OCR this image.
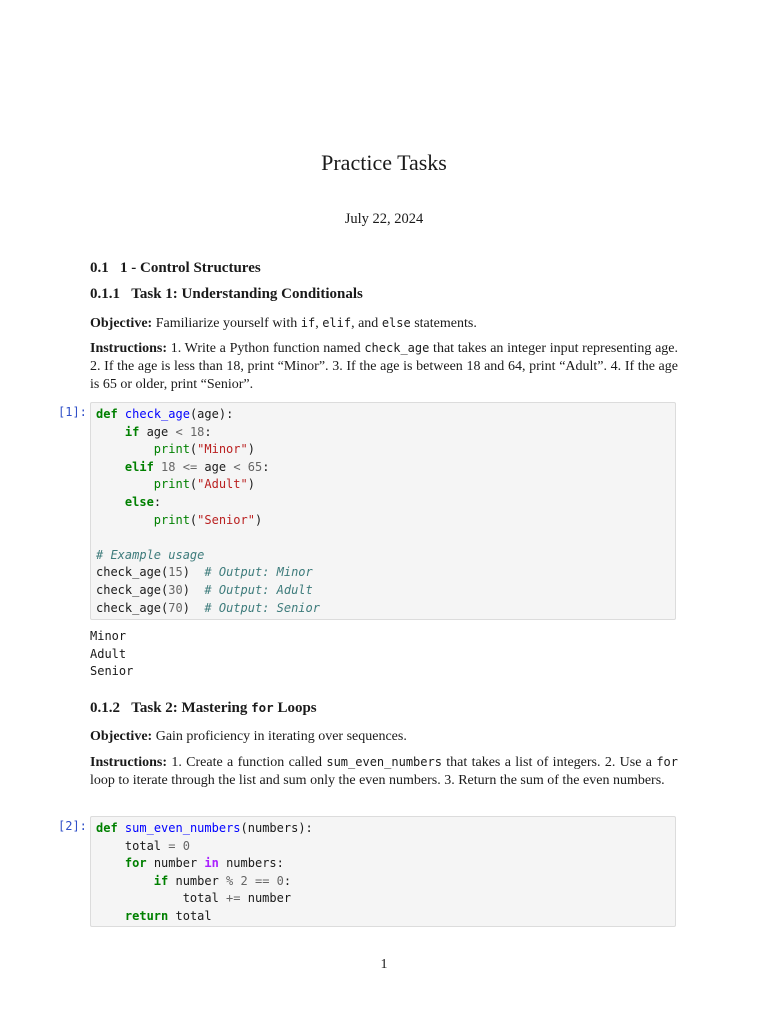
Practice Tasks
July 22, 2024
0.1 1 - Control Structures
0.1.1 Task 1: Understanding Conditionals
Objective: Familiarize yourself with if, elif, and else statements.
Instructions: 1. Write a Python function named check_age that takes an integer input representing age. 2. If the age is less than 18, print “Minor”. 3. If the age is between 18 and 64, print “Adult”. 4. If the age is 65 or older, print “Senior”.
[1]: def check_age(age):
if age < 18:
print("Minor")
elif 18 <= age < 65:
print("Adult")
else:
print("Senior")

# Example usage
check_age(15)  # Output: Minor
check_age(30)  # Output: Adult
check_age(70)  # Output: Senior
Minor
Adult
Senior
0.1.2 Task 2: Mastering for Loops
Objective: Gain proficiency in iterating over sequences.
Instructions: 1. Create a function called sum_even_numbers that takes a list of integers. 2. Use a for loop to iterate through the list and sum only the even numbers. 3. Return the sum of the even numbers.
[2]: def sum_even_numbers(numbers):
total = 0
for number in numbers:
if number % 2 == 0:
total += number
return total
1
